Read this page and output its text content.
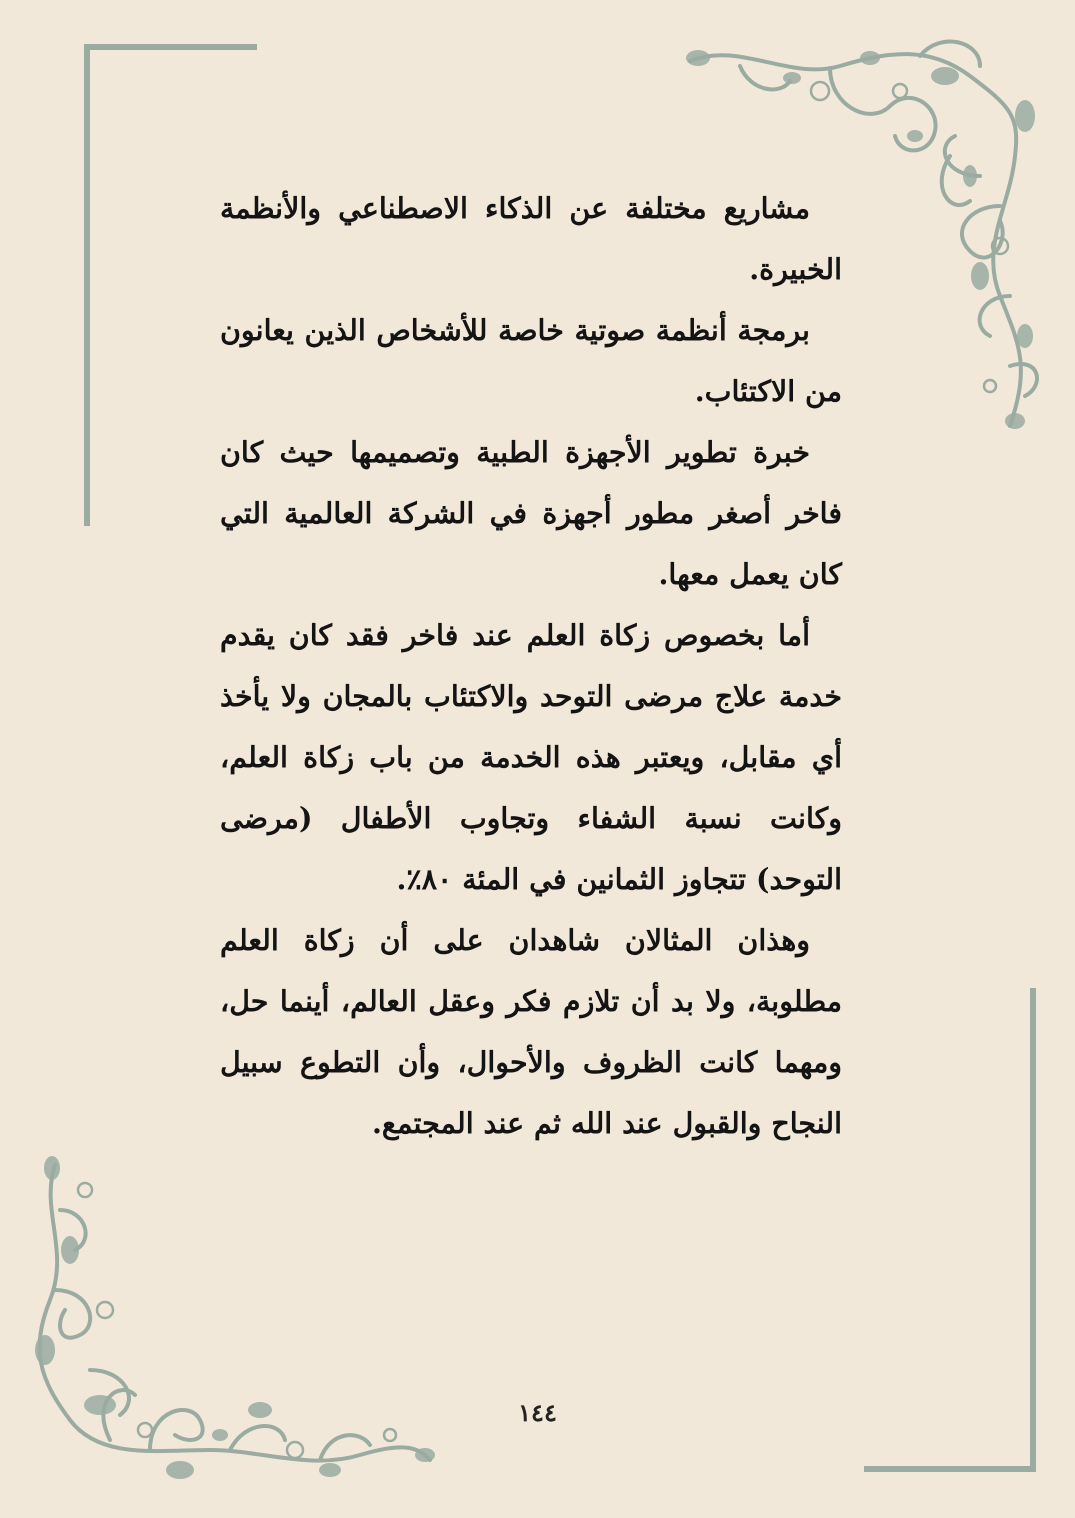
مشاريع مختلفة عن الذكاء الاصطناعي والأنظمة الخبيرة.

برمجة أنظمة صوتية خاصة للأشخاص الذين يعانون من الاكتئاب.

خبرة تطوير الأجهزة الطبية وتصميمها حيث كان فاخر أصغر مطور أجهزة في الشركة العالمية التي كان يعمل معها.

أما بخصوص زكاة العلم عند فاخر فقد كان يقدم خدمة علاج مرضى التوحد والاكتئاب بالمجان ولا يأخذ أي مقابل، ويعتبر هذه الخدمة من باب زكاة العلم، وكانت نسبة الشفاء وتجاوب الأطفال (مرضى التوحد) تتجاوز الثمانين في المئة ٨٠٪.

وهذان المثالان شاهدان على أن زكاة العلم مطلوبة، ولا بد أن تلازم فكر وعقل العالم، أينما حل، ومهما كانت الظروف والأحوال، وأن التطوع سبيل النجاح والقبول عند الله ثم عند المجتمع.

١٤٤
